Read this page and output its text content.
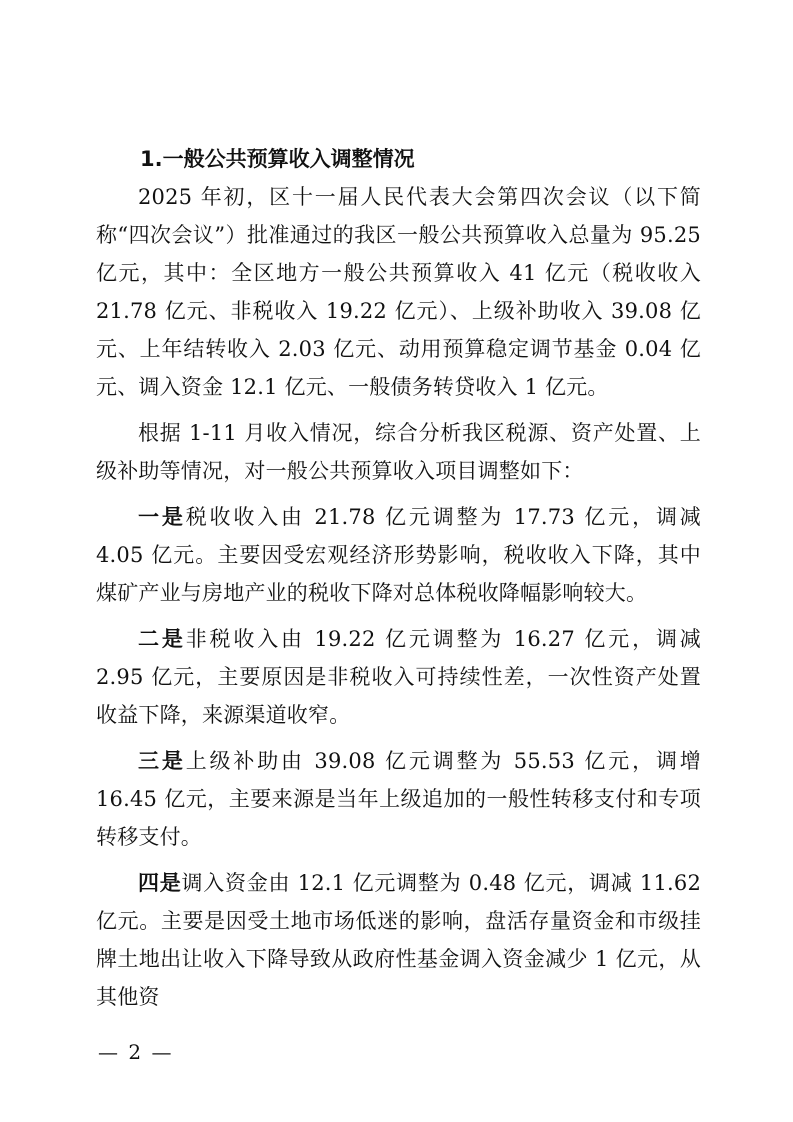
1.一般公共预算收入调整情况

2025 年初，区十一届人民代表大会第四次会议（以下简称“四次会议”）批准通过的我区一般公共预算收入总量为 95.25 亿元，其中：全区地方一般公共预算收入 41 亿元（税收收入 21.78 亿元、非税收入 19.22 亿元）、上级补助收入 39.08 亿元、上年结转收入 2.03 亿元、动用预算稳定调节基金 0.04 亿元、调入资金 12.1 亿元、一般债务转贷收入 1 亿元。

根据 1-11 月收入情况，综合分析我区税源、资产处置、上级补助等情况，对一般公共预算收入项目调整如下：

一是税收收入由 21.78 亿元调整为 17.73 亿元，调减 4.05 亿元。主要因受宏观经济形势影响，税收收入下降，其中煤矿产业与房地产业的税收下降对总体税收降幅影响较大。

二是非税收入由 19.22 亿元调整为 16.27 亿元，调减 2.95 亿元，主要原因是非税收入可持续性差，一次性资产处置收益下降，来源渠道收窄。

三是上级补助由 39.08 亿元调整为 55.53 亿元，调增 16.45 亿元，主要来源是当年上级追加的一般性转移支付和专项转移支付。

四是调入资金由 12.1 亿元调整为 0.48 亿元，调减 11.62 亿元。主要是因受土地市场低迷的影响，盘活存量资金和市级挂牌土地出让收入下降导致从政府性基金调入资金减少 1 亿元，从其他资

— 2 —
